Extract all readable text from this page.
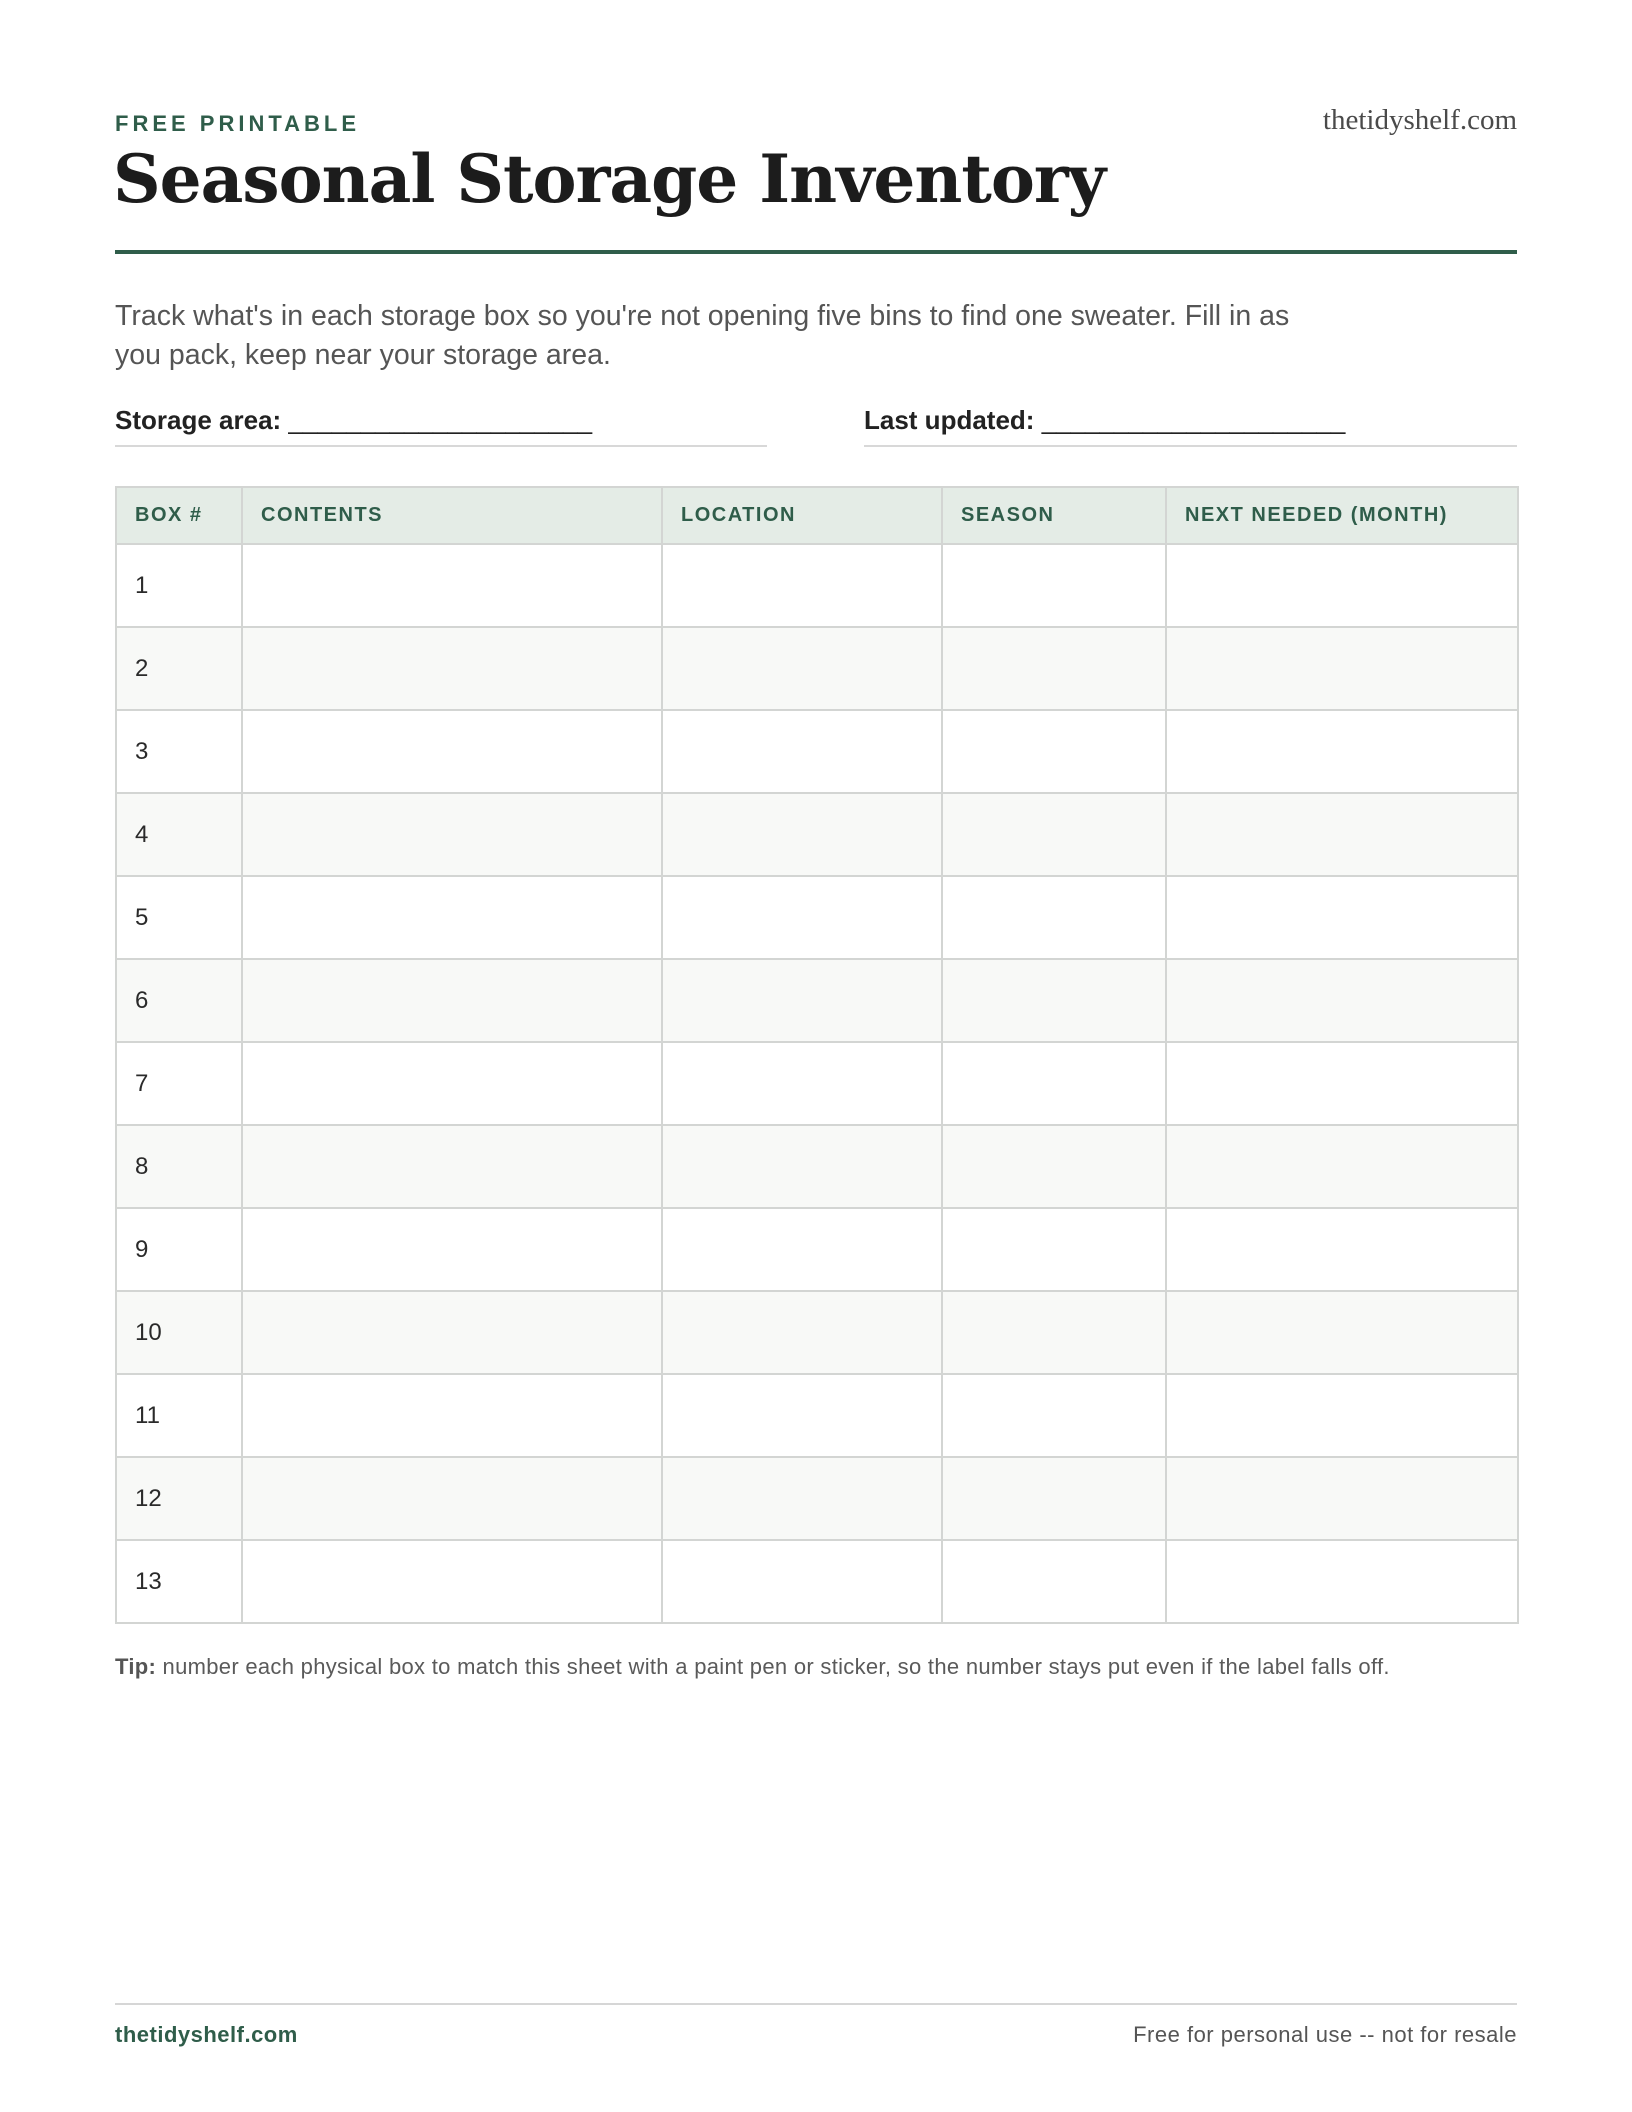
FREE PRINTABLE	thetidyshelf.com
Seasonal Storage Inventory

Track what's in each storage box so you're not opening five bins to find one sweater. Fill in as
you pack, keep near your storage area.

Storage area: _____________________	Last updated: _____________________
BOX #	CONTENTS	LOCATION	SEASON	NEXT NEEDED (MONTH)
1				
2				
3				
4				
5				
6				
7				
8				
9				
10				
11				
12				
13				

Tip: number each physical box to match this sheet with a paint pen or sticker, so the number stays put even if the label falls off.

thetidyshelf.com	Free for personal use -- not for resale
